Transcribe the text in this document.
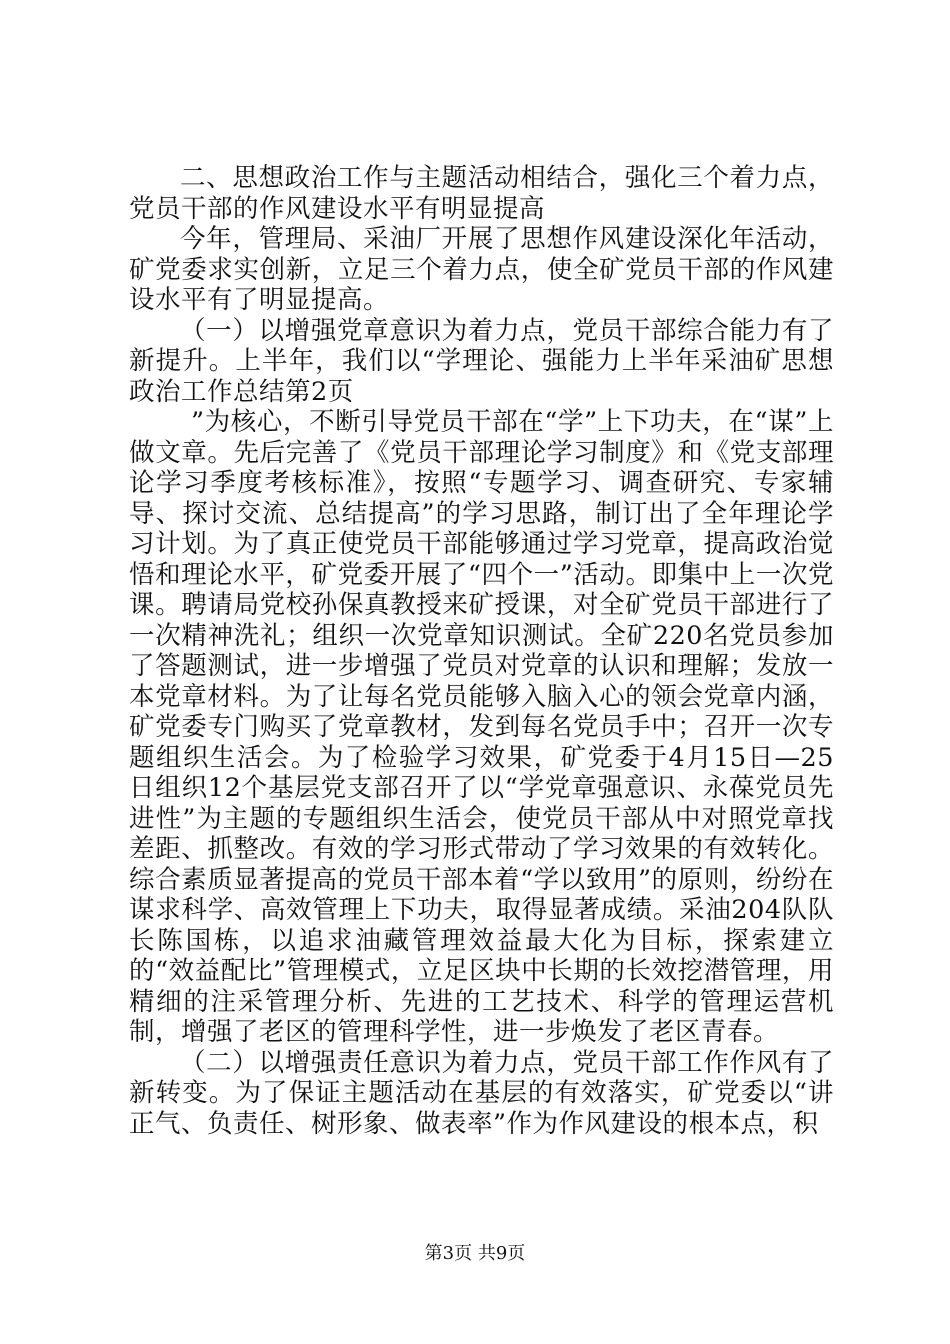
二、思想政治工作与主题活动相结合，强化三个着力点，党员干部的作风建设水平有明显提高

今年，管理局、采油厂开展了思想作风建设深化年活动，矿党委求实创新，立足三个着力点，使全矿党员干部的作风建设水平有了明显提高。

（一）以增强党章意识为着力点，党员干部综合能力有了新提升。上半年，我们以“学理论、强能力上半年采油矿思想政治工作总结第2页

”为核心，不断引导党员干部在“学”上下功夫，在“谋”上做文章。先后完善了《党员干部理论学习制度》和《党支部理论学习季度考核标准》，按照“专题学习、调查研究、专家辅导、探讨交流、总结提高”的学习思路，制订出了全年理论学习计划。为了真正使党员干部能够通过学习党章，提高政治觉悟和理论水平，矿党委开展了“四个一”活动。即集中上一次党课。聘请局党校孙保真教授来矿授课，对全矿党员干部进行了一次精神洗礼；组织一次党章知识测试。全矿220名党员参加了答题测试，进一步增强了党员对党章的认识和理解；发放一本党章材料。为了让每名党员能够入脑入心的领会党章内涵，矿党委专门购买了党章教材，发到每名党员手中；召开一次专题组织生活会。为了检验学习效果，矿党委于4月15日—25日组织12个基层党支部召开了以“学党章强意识、永葆党员先进性”为主题的专题组织生活会，使党员干部从中对照党章找差距、抓整改。有效的学习形式带动了学习效果的有效转化。综合素质显著提高的党员干部本着“学以致用”的原则，纷纷在谋求科学、高效管理上下功夫，取得显著成绩。采油204队队长陈国栋，以追求油藏管理效益最大化为目标，探索建立的“效益配比”管理模式，立足区块中长期的长效挖潜管理，用精细的注采管理分析、先进的工艺技术、科学的管理运营机制，增强了老区的管理科学性，进一步焕发了老区青春。

（二）以增强责任意识为着力点，党员干部工作作风有了新转变。为了保证主题活动在基层的有效落实，矿党委以“讲正气、负责任、树形象、做表率”作为作风建设的根本点，积

第3页 共9页
